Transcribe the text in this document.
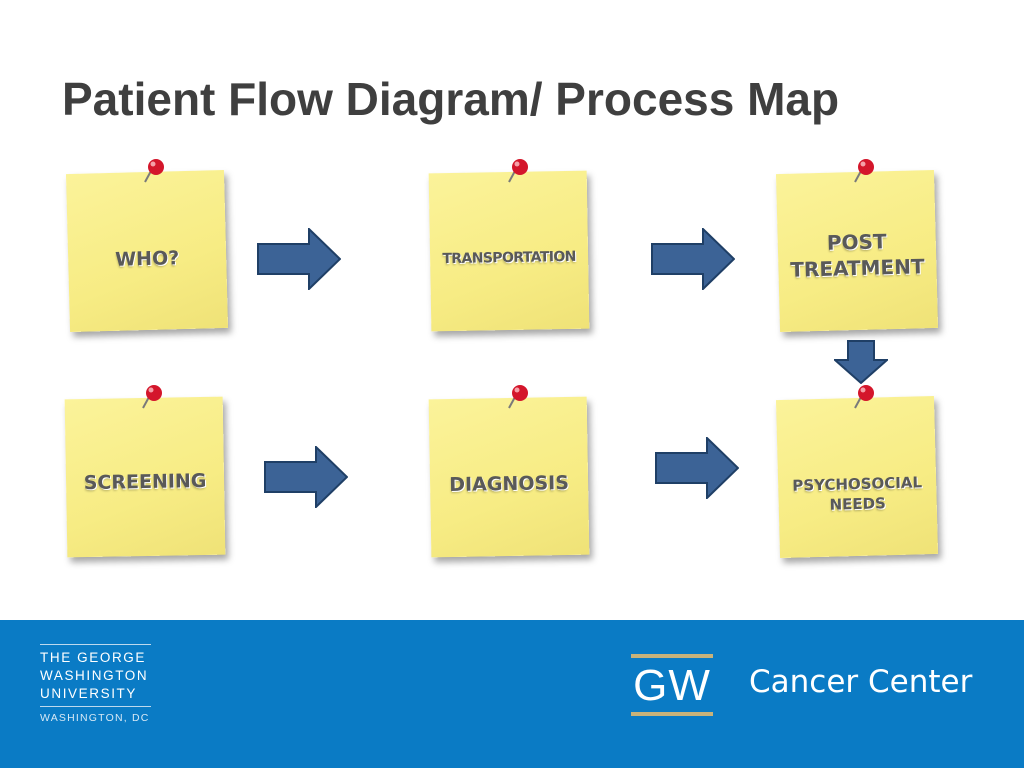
Patient Flow Diagram/ Process Map
WHO?	TRANSPORTATION
POST
TREATMENT
SCREENING	DIAGNOSIS	PSYCHOSOCIAL
NEEDS
THE GEORGE
WASHINGTON
UNIVERSITY
WASHINGTON, DC
GW Cancer Center
